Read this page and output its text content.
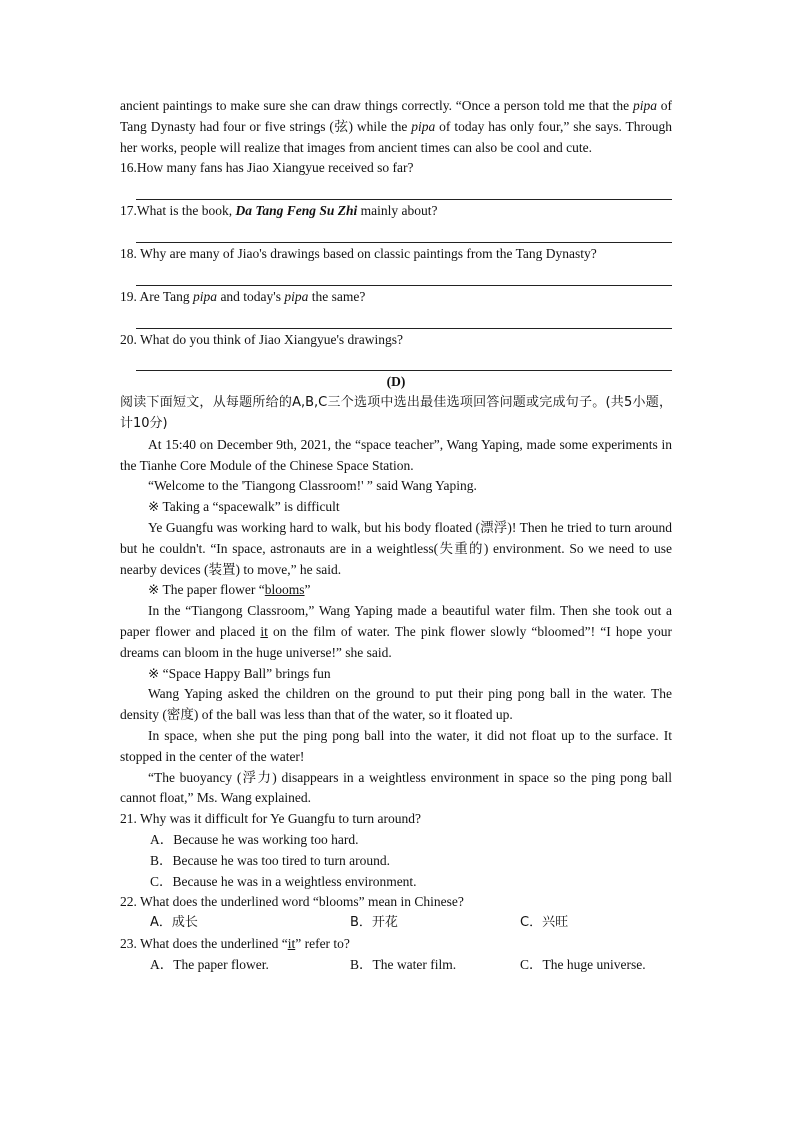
ancient paintings to make sure she can draw things correctly. “Once a person told me that the pipa of Tang Dynasty had four or five strings (弦) while the pipa of today has only four,” she says. Through her works, people will realize that images from ancient times can also be cool and cute.

16.How many fans has Jiao Xiangyue received so far?

17.What is the book, Da Tang Feng Su Zhi mainly about?

18. Why are many of Jiao's drawings based on classic paintings from the Tang Dynasty?

19. Are Tang pipa and today's pipa the same?

20. What do you think of Jiao Xiangyue's drawings?

(D)

阅读下面短文，从每题所给的A,B,C三个选项中选出最佳选项回答问题或完成句子。(共5小题，计10分)

At 15:40 on December 9th, 2021, the “space teacher”, Wang Yaping, made some experiments in the Tianhe Core Module of the Chinese Space Station.

“Welcome to the 'Tiangong Classroom!' ” said Wang Yaping.

※ Taking a “spacewalk” is difficult

Ye Guangfu was working hard to walk, but his body floated (漂浮)! Then he tried to turn around but he couldn't. “In space, astronauts are in a weightless(失重的) environment. So we need to use nearby devices (装置) to move,” he said.

※ The paper flower “blooms”

In the “Tiangong Classroom,” Wang Yaping made a beautiful water film. Then she took out a paper flower and placed it on the film of water. The pink flower slowly “bloomed”! “I hope your dreams can bloom in the huge universe!” she said.

※ “Space Happy Ball” brings fun

Wang Yaping asked the children on the ground to put their ping pong ball in the water. The density (密度) of the ball was less than that of the water, so it floated up.

In space, when she put the ping pong ball into the water, it did not float up to the surface. It stopped in the center of the water!

“The buoyancy (浮力) disappears in a weightless environment in space so the ping pong ball cannot float,” Ms. Wang explained.

21. Why was it difficult for Ye Guangfu to turn around?

A．Because he was working too hard.

B．Because he was too tired to turn around.

C．Because he was in a weightless environment.

22. What does the underlined word “blooms” mean in Chinese?

A．成长	B．开花	C．兴旺

23. What does the underlined “it” refer to?

A．The paper flower.	B．The water film.	C．The huge universe.
